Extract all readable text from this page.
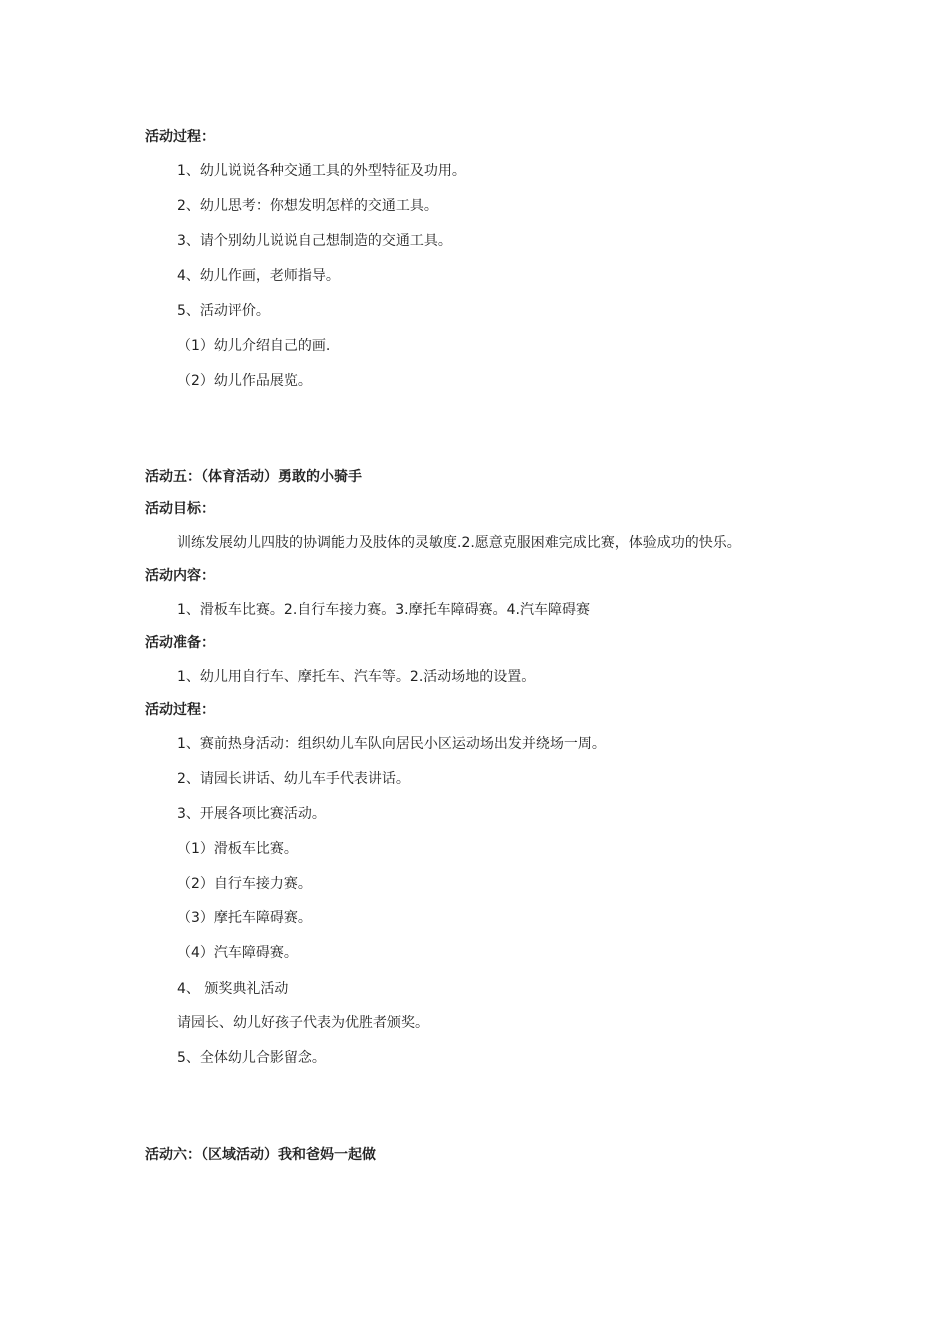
活动过程：
1、幼儿说说各种交通工具的外型特征及功用。
2、幼儿思考：你想发明怎样的交通工具。
3、请个别幼儿说说自己想制造的交通工具。
4、幼儿作画，老师指导。
5、活动评价。
（1）幼儿介绍自己的画.
（2）幼儿作品展览。
活动五：（体育活动）勇敢的小骑手
活动目标：
训练发展幼儿四肢的协调能力及肢体的灵敏度.2.愿意克服困难完成比赛，体验成功的快乐。
活动内容：
1、滑板车比赛。2.自行车接力赛。3.摩托车障碍赛。4.汽车障碍赛
活动准备：
1、幼儿用自行车、摩托车、汽车等。2.活动场地的设置。
活动过程：
1、赛前热身活动：组织幼儿车队向居民小区运动场出发并绕场一周。
2、请园长讲话、幼儿车手代表讲话。
3、开展各项比赛活动。
（1）滑板车比赛。
（2）自行车接力赛。
（3）摩托车障碍赛。
（4）汽车障碍赛。
4、 颁奖典礼活动
请园长、幼儿好孩子代表为优胜者颁奖。
5、全体幼儿合影留念。
活动六：（区域活动）我和爸妈一起做
